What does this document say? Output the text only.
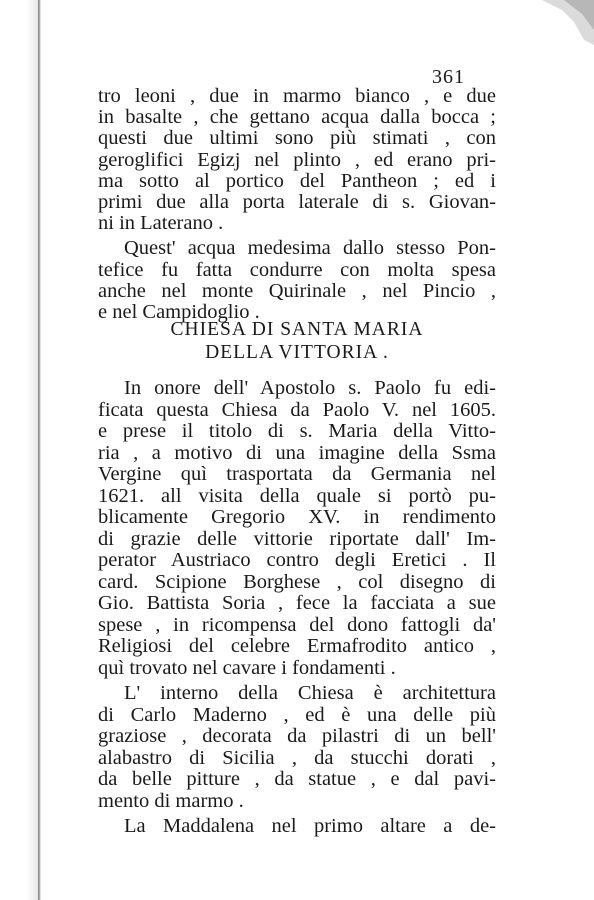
361
tro leoni , due in marmo bianco , e due
in basalte , che gettano acqua dalla bocca ;
questi due ultimi sono più stimati , con
geroglifici Egizj nel plinto , ed erano pri-
ma sotto al portico del Pantheon ; ed i
primi due alla porta laterale di s. Giovan-
ni in Laterano .
Quest' acqua medesima dallo stesso Pon-
tefice fu fatta condurre con molta spesa
anche nel monte Quirinale , nel Pincio ,
e nel Campidoglio .
CHIESA DI SANTA MARIA
DELLA VITTORIA .
In onore dell' Apostolo s. Paolo fu edi-
ficata questa Chiesa da Paolo V. nel 1605.
e prese il titolo di s. Maria della Vitto-
ria , a motivo di una imagine della Ssma
Vergine quì trasportata da Germania nel
1621. all visita della quale si portò pu-
blicamente Gregorio XV. in rendimento
di grazie delle vittorie riportate dall' Im-
perator Austriaco contro degli Eretici . Il
card. Scipione Borghese , col disegno di
Gio. Battista Soria , fece la facciata a sue
spese , in ricompensa del dono fattogli da'
Religiosi del celebre Ermafrodito antico ,
quì trovato nel cavare i fondamenti .
L' interno della Chiesa è architettura
di Carlo Maderno , ed è una delle più
graziose , decorata da pilastri di un bell'
alabastro di Sicilia , da stucchi dorati ,
da belle pitture , da statue , e dal pavi-
mento di marmo .
La Maddalena nel primo altare a de-
